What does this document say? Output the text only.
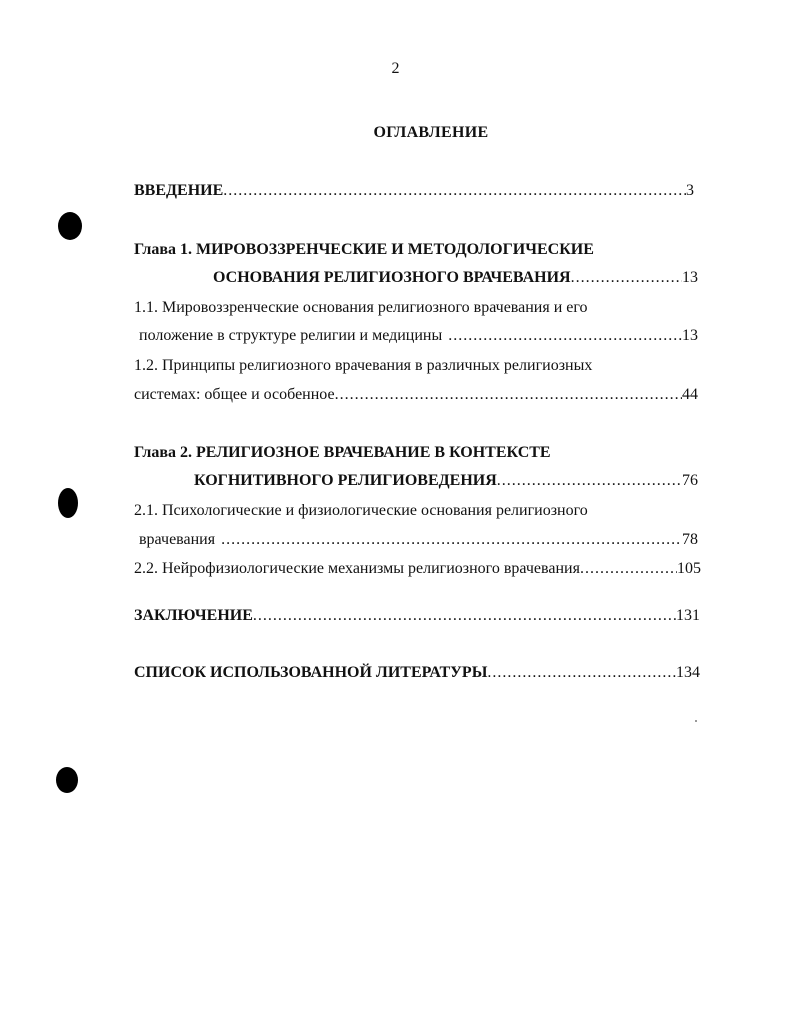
2
ОГЛАВЛЕНИЕ
ВВЕДЕНИЕ .....	3
Глава 1. МИРОВОЗЗРЕНЧЕСКИЕ И МЕТОДОЛОГИЧЕСКИЕ
ОСНОВАНИЯ РЕЛИГИОЗНОГО ВРАЧЕВАНИЯ .....	13
1.1. Мировоззренческие основания религиозного врачевания и его
положение в структуре религии и медицины .....	13
1.2. Принципы религиозного врачевания в различных религиозных
системах: общее и особенное .....	44
Глава 2. РЕЛИГИОЗНОЕ ВРАЧЕВАНИЕ В КОНТЕКСТЕ
КОГНИТИВНОГО РЕЛИГИОВЕДЕНИЯ .....	76
2.1. Психологические и физиологические основания религиозного
врачевания .....	78
2.2. Нейрофизиологические механизмы религиозного врачевания .....	105
ЗАКЛЮЧЕНИЕ .....	131
СПИСОК ИСПОЛЬЗОВАННОЙ ЛИТЕРАТУРЫ .....	134
